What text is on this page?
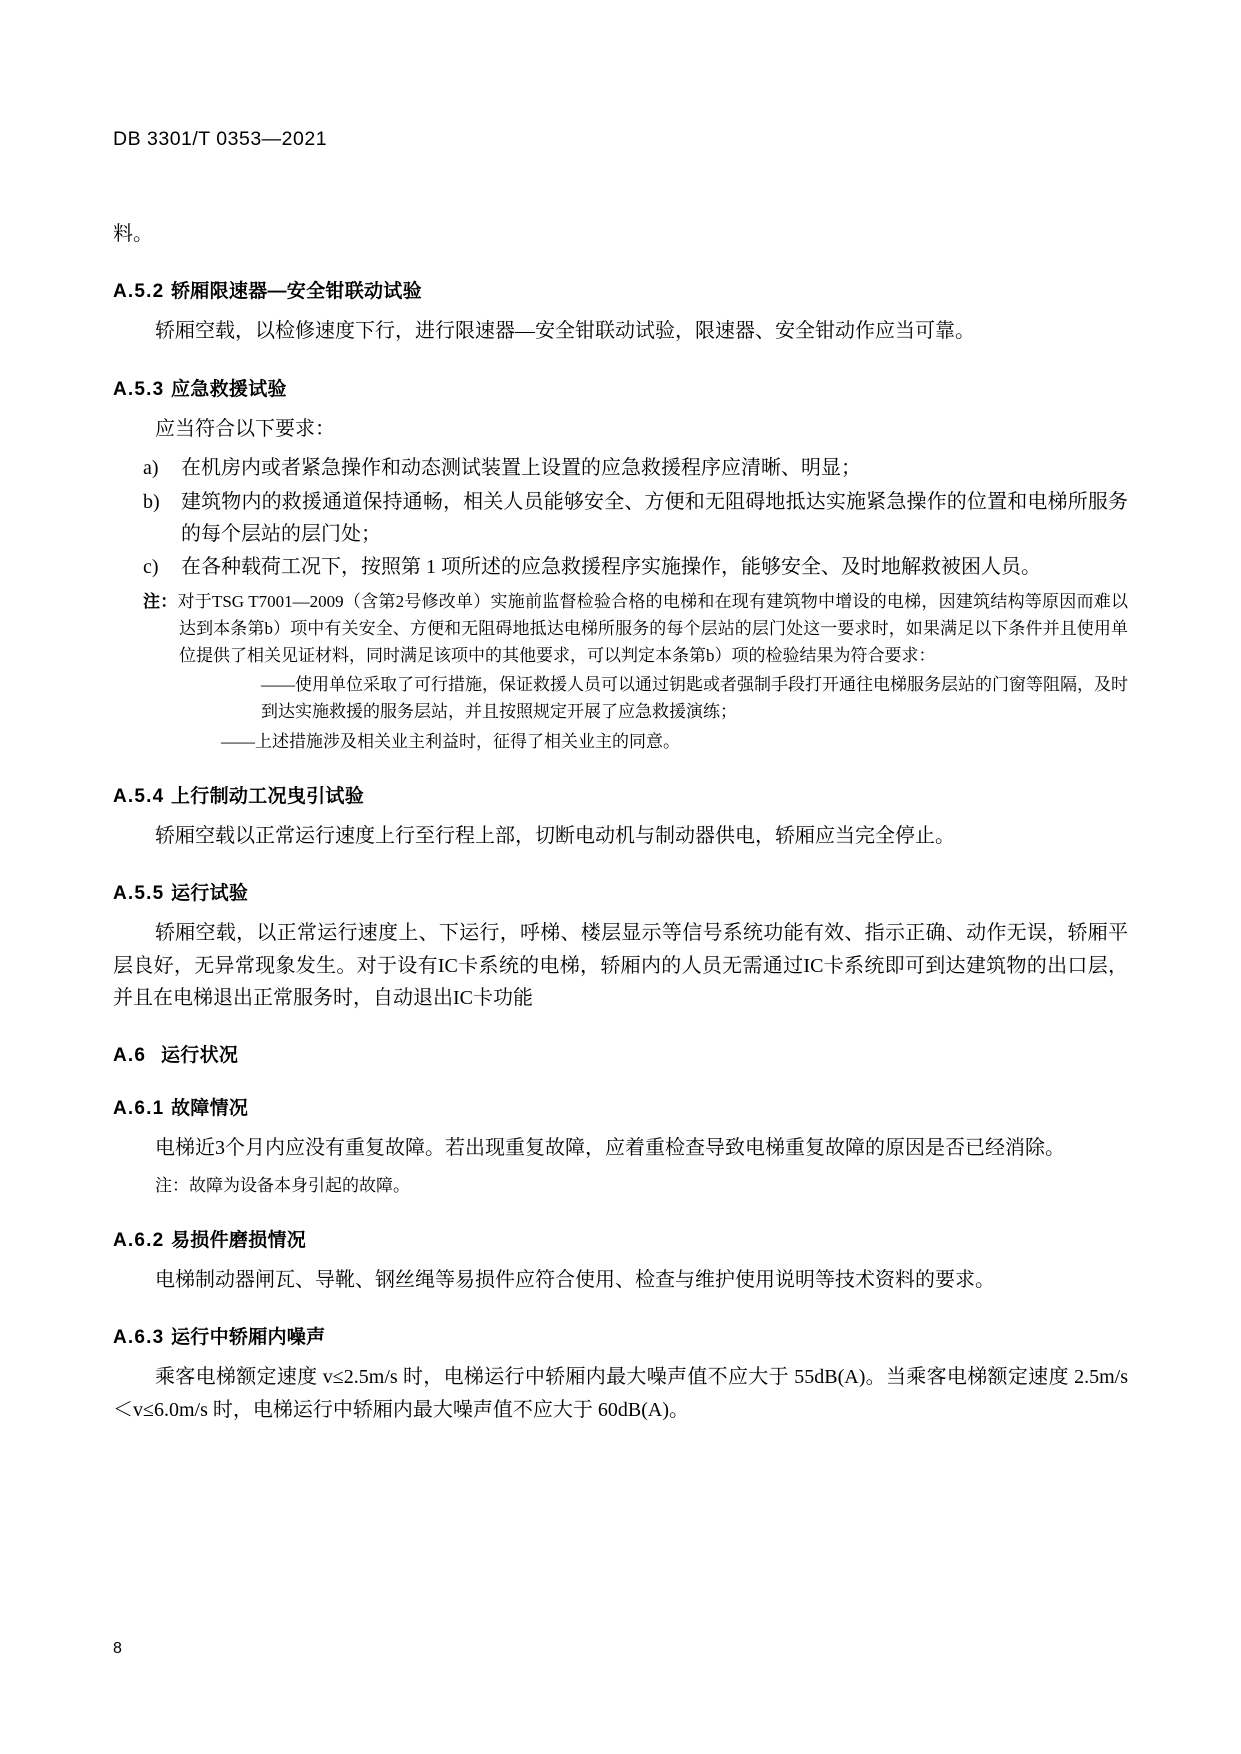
DB 3301/T 0353—2021

料。

A.5.2 轿厢限速器—安全钳联动试验

轿厢空载，以检修速度下行，进行限速器—安全钳联动试验，限速器、安全钳动作应当可靠。

A.5.3 应急救援试验

应当符合以下要求：

a)	在机房内或者紧急操作和动态测试装置上设置的应急救援程序应清晰、明显；
b)	建筑物内的救援通道保持通畅，相关人员能够安全、方便和无阻碍地抵达实施紧急操作的位置和电梯所服务的每个层站的层门处；
c)	在各种载荷工况下，按照第 1 项所述的应急救援程序实施操作，能够安全、及时地解救被困人员。

注：对于TSG T7001—2009（含第2号修改单）实施前监督检验合格的电梯和在现有建筑物中增设的电梯，因建筑结构等原因而难以达到本条第b）项中有关安全、方便和无阻碍地抵达电梯所服务的每个层站的层门处这一要求时，如果满足以下条件并且使用单位提供了相关见证材料，同时满足该项中的其他要求，可以判定本条第b）项的检验结果为符合要求：

——使用单位采取了可行措施，保证救援人员可以通过钥匙或者强制手段打开通往电梯服务层站的门窗等阻隔，及时到达实施救援的服务层站，并且按照规定开展了应急救援演练；

——上述措施涉及相关业主利益时，征得了相关业主的同意。

A.5.4 上行制动工况曳引试验

轿厢空载以正常运行速度上行至行程上部，切断电动机与制动器供电，轿厢应当完全停止。

A.5.5 运行试验

轿厢空载，以正常运行速度上、下运行，呼梯、楼层显示等信号系统功能有效、指示正确、动作无误，轿厢平层良好，无异常现象发生。对于设有IC卡系统的电梯，轿厢内的人员无需通过IC卡系统即可到达建筑物的出口层，并且在电梯退出正常服务时，自动退出IC卡功能

A.6 运行状况
A.6.1 故障情况

电梯近3个月内应没有重复故障。若出现重复故障，应着重检查导致电梯重复故障的原因是否已经消除。

注：故障为设备本身引起的故障。

A.6.2 易损件磨损情况

电梯制动器闸瓦、导靴、钢丝绳等易损件应符合使用、检查与维护使用说明等技术资料的要求。

A.6.3 运行中轿厢内噪声

乘客电梯额定速度 v≤2.5m/s 时，电梯运行中轿厢内最大噪声值不应大于 55dB(A)。当乘客电梯额定速度 2.5m/s＜v≤6.0m/s 时，电梯运行中轿厢内最大噪声值不应大于 60dB(A)。

8
